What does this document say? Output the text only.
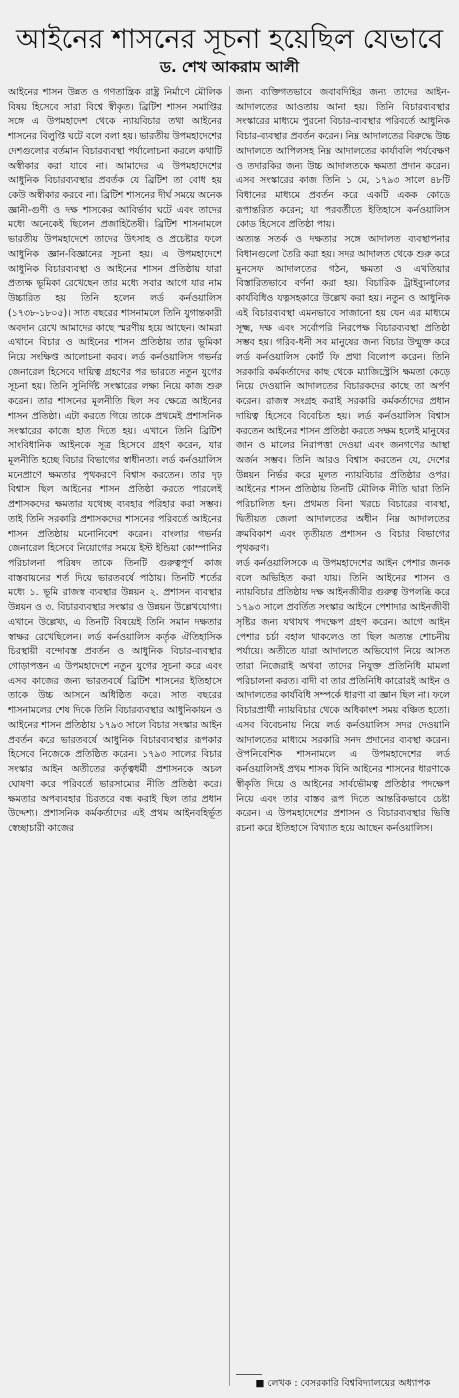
আইনের শাসনের সূচনা হয়েছিল যেভাবে
ড. শেখ আকরাম আলী

আইনের শাসন উন্নত ও গণতান্ত্রিক রাষ্ট্র নির্মাণে মৌলিক বিষয় হিসেবে সারা বিশ্বে স্বীকৃত। ব্রিটিশ শাসন সমাপ্তির সঙ্গে এ উপমহাদেশ থেকে ন্যায়বিচার তথা আইনের শাসনের বিলুপ্তি ঘটে বলে বলা হয়। ভারতীয় উপমহাদেশের দেশগুলোর বর্তমান বিচারব্যবস্থা পর্যালোচনা করলে কথাটি অস্বীকার করা যাবে না। আমাদের এ উপমহাদেশের আধুনিক বিচারব্যবস্থার প্রবর্তক যে ব্রিটিশ তা বোধ হয় কেউ অস্বীকার করবে না। ব্রিটিশ শাসনের দীর্ঘ সময়ে অনেক জ্ঞানী-গুণী ও দক্ষ শাসকের আবির্ভাব ঘটে এবং তাদের মধ্যে অনেকেই ছিলেন প্রজাহিতৈষী। ব্রিটিশ শাসনামলে ভারতীয় উপমহাদেশে তাদের উৎসাহ ও প্রচেষ্টার ফলে আধুনিক জ্ঞান-বিজ্ঞানের সূচনা হয়। এ উপমহাদেশে আধুনিক বিচারব্যবস্থা ও আইনের শাসন প্রতিষ্ঠায় যারা প্রত্যক্ষ ভূমিকা রেখেছেন তার মধ্যে সবার আগে যার নাম উচ্চারিত হয় তিনি হলেন লর্ড কর্নওয়ালিস (১৭৩৮-১৮০৫)। সাত বছরের শাসনামলে তিনি যুগান্তকারী অবদান রেখে আমাদের কাছে স্মরণীয় হয়ে আছেন। আমরা এখানে বিচার ও আইনের শাসন প্রতিষ্ঠায় তার ভূমিকা নিয়ে সংক্ষিপ্ত আলোচনা করব। লর্ড কর্নওয়ালিস গভর্নর জেনারেল হিসেবে দায়িত্ব গ্রহণের পর ভারতে নতুন যুগের সূচনা হয়। তিনি সুনির্দিষ্ট সংস্কারের লক্ষ্য নিয়ে কাজ শুরু করেন। তার শাসনের মূলনীতি ছিল সব ক্ষেত্রে আইনের শাসন প্রতিষ্ঠা। এটা করতে গিয়ে তাকে প্রথমেই প্রশাসনিক সংস্কারের কাজে হাত দিতে হয়। এখানে তিনি ব্রিটিশ সাংবিধানিক আইনকে সূত্র হিসেবে গ্রহণ করেন, যার মূলনীতি হচ্ছে বিচার বিভাগের স্বাধীনতা। লর্ড কর্নওয়ালিস মনেপ্রাণে ক্ষমতার পৃথকরণে বিশ্বাস করতেন। তার দৃঢ় বিশ্বাস ছিল আইনের শাসন প্রতিষ্ঠা করতে পারলেই প্রশাসকদের ক্ষমতার যথেচ্ছ ব্যবহার পরিহার করা সম্ভব। তাই তিনি সরকারি প্রশাসকদের শাসনের পরিবর্তে আইনের শাসন প্রতিষ্ঠায় মনোনিবেশ করেন। বাংলার গভর্নর জেনারেল হিসেবে নিয়োগের সময়ে ইস্ট ইন্ডিয়া কোম্পানির পরিচালনা পরিষদ তাকে তিনটি গুরুত্বপূর্ণ কাজ বাস্তবায়নের শর্ত দিয়ে ভারতবর্ষে পাঠায়। তিনটি শর্তের মধ্যে ১. ভূমি রাজস্ব ব্যবস্থার উন্নয়ন ২. প্রশাসন ব্যবস্থার উন্নয়ন ও ৩. বিচারব্যবস্থার সংস্কার ও উন্নয়ন উল্লেখযোগ্য। এখানে উল্লেখ্য, এ তিনটি বিষয়েই তিনি সমান দক্ষতার স্বাক্ষর রেখেছিলেন। লর্ড কর্নওয়ালিস কর্তৃক ঐতিহাসিক চিরস্থায়ী বন্দোবস্ত প্রবর্তন ও আধুনিক বিচার-ব্যবস্থার গোড়াপত্তন এ উপমহাদেশে নতুন যুগের সূচনা করে এবং এসব কাজের জন্য ভারতবর্ষে ব্রিটিশ শাসনের ইতিহাসে তাকে উচ্চ আসনে অধিষ্ঠিত করে। সাত বছরের শাসনামলের শেষ দিকে তিনি বিচারব্যবস্থার আধুনিকায়ন ও আইনের শাসন প্রতিষ্ঠায় ১৭৯৩ সালে বিচার সংস্কার আইন প্রবর্তন করে ভারতবর্ষে আধুনিক বিচারব্যবস্থার রূপকার হিসেবে নিজেকে প্রতিষ্ঠিত করেন। ১৭৯৩ সালের বিচার সংস্কার আইন অতীতের কর্তৃত্বধর্মী প্রশাসনকে অচল ঘোষণা করে পরিবর্তে ভারসাম্যের নীতি প্রতিষ্ঠা করে। ক্ষমতার অপব্যবহার চিরতরে বন্ধ করাই ছিল তার প্রধান উদ্দেশ্য। প্রশাসনিক কর্মকর্তাদের এই প্রথম আইনবহির্ভূত স্বেচ্ছাচারী কাজের

জন্য ব্যক্তিগতভাবে জবাবদিহির জন্য তাদের আইন-আদালতের আওতায় আনা হয়। তিনি বিচারব্যবস্থার সংস্কারের মাধ্যমে পুরনো বিচার-ব্যবস্থার পরিবর্তে আধুনিক বিচার-ব্যবস্থার প্রবর্তন করেন। নিম্ন আদালতের বিরুদ্ধে উচ্চ আদালতে আপিলসহ নিম্ন আদালতের কার্যাবলি পর্যবেক্ষণ ও তদারকির জন্য উচ্চ আদালতকে ক্ষমতা প্রদান করেন। এসব সংস্কারের কাজ তিনি ১ মে, ১৭৯৩ সালে ৪৮টি বিধানের মাধ্যমে প্রবর্তন করে একটি একক কোডে রূপান্তরিত করেন; যা পরবর্তীতে ইতিহাসে কর্নওয়ালিস কোড হিসেবে প্রতিষ্ঠা পায়।

অত্যন্ত সতর্ক ও দক্ষতার সঙ্গে আদালত ব্যবস্থাপনার বিধানগুলো তৈরি করা হয়। সদর আদালত থেকে শুরু করে মুনসেফ আদালতের গঠন, ক্ষমতা ও এখতিয়ার বিস্তারিতভাবে বর্ণনা করা হয়। বিচারিক ট্রাইব্যুনালের কার্যবিধিও যত্নসহকারে উল্লেখ করা হয়। নতুন ও আধুনিক এই বিচারব্যবস্থা এমনভাবে সাজানো হয় যেন এর মাধ্যমে সূক্ষ্ম, দক্ষ এবং সর্বোপরি নিরপেক্ষ বিচারব্যবস্থা প্রতিষ্ঠা সম্ভব হয়। গরিব-ধনী সব মানুষের জন্য বিচার উন্মুক্ত করে লর্ড কর্নওয়ালিস কোর্ট ফি প্রথা বিলোপ করেন। তিনি সরকারি কর্মকর্তাদের কাছ থেকে ম্যাজিস্ট্রেসি ক্ষমতা কেড়ে নিয়ে দেওয়ানি আদালতের বিচারকদের কাছে তা অর্পণ করেন। রাজস্ব সংগ্রহ করাই সরকারি কর্মকর্তাদের প্রধান দায়িত্ব হিসেবে বিবেচিত হয়। লর্ড কর্নওয়ালিস বিশ্বাস করতেন আইনের শাসন প্রতিষ্ঠা করতে সক্ষম হলেই মানুষের জান ও মালের নিরাপত্তা দেওয়া এবং জনগণের আস্থা অর্জন সম্ভব। তিনি আরও বিশ্বাস করতেন যে, দেশের উন্নয়ন নির্ভর করে মূলত ন্যায়বিচার প্রতিষ্ঠার ওপর। আইনের শাসন প্রতিষ্ঠায় তিনটি মৌলিক নীতি দ্বারা তিনি পরিচালিত হন। প্রথমত বিনা খরচে বিচারের ব্যবস্থা, দ্বিতীয়ত জেলা আদালতের অধীন নিম্ন আদালতের ক্রমবিকাশ এবং তৃতীয়ত প্রশাসন ও বিচার বিভাগের পৃথকরণ।

লর্ড কর্নওয়ালিসকে এ উপমহাদেশের আইন পেশার জনক বলে অভিহিত করা যায়। তিনি আইনের শাসন ও ন্যায়বিচার প্রতিষ্ঠায় দক্ষ আইনজীবীর গুরুত্ব উপলব্ধি করে ১৭৯৩ সালে প্রবর্তিত সংস্কার আইনে পেশাদার আইনজীবী সৃষ্টির জন্য যথাযথ পদক্ষেপ গ্রহণ করেন। আগে আইন পেশার চর্চা বহাল থাকলেও তা ছিল অত্যন্ত শোচনীয় পর্যায়ে। অতীতে যারা আদালতে অভিযোগ নিয়ে আসত তারা নিজেরাই অথবা তাদের নিযুক্ত প্রতিনিধি মামলা পরিচালনা করত। বাদী বা তার প্রতিনিধি কারোরই আইন ও আদালতের কার্যবিধি সম্পর্কে ধারণা বা জ্ঞান ছিল না। ফলে বিচারপ্রার্থী ন্যায়বিচার থেকে অধিকাংশ সময় বঞ্চিত হতো। এসব বিবেচনায় নিয়ে লর্ড কর্নওয়ালিস সদর দেওয়ানি আদালতের মাধ্যমে সরকারি সনদ প্রদানের ব্যবস্থা করেন। ঔপনিবেশিক শাসনামলে এ উপমহাদেশের লর্ড কর্নওয়ালিসই প্রথম শাসক যিনি আইনের শাসনের ধারণাকে স্বীকৃতি দিয়ে ও আইনের সার্বভৌমত্ব প্রতিষ্ঠার পদক্ষেপ নিয়ে এবং তার বাস্তব রূপ দিতে আন্তরিকভাবে চেষ্টা করেন। এ উপমহাদেশের প্রশাসন ও বিচারব্যবস্থার ভিত্তি রচনা করে ইতিহাসে বিখ্যাত হয়ে আছেন কর্নওয়ালিস।

■ লেখক : বেসরকারি বিশ্ববিদ্যালয়ের অধ্যাপক
